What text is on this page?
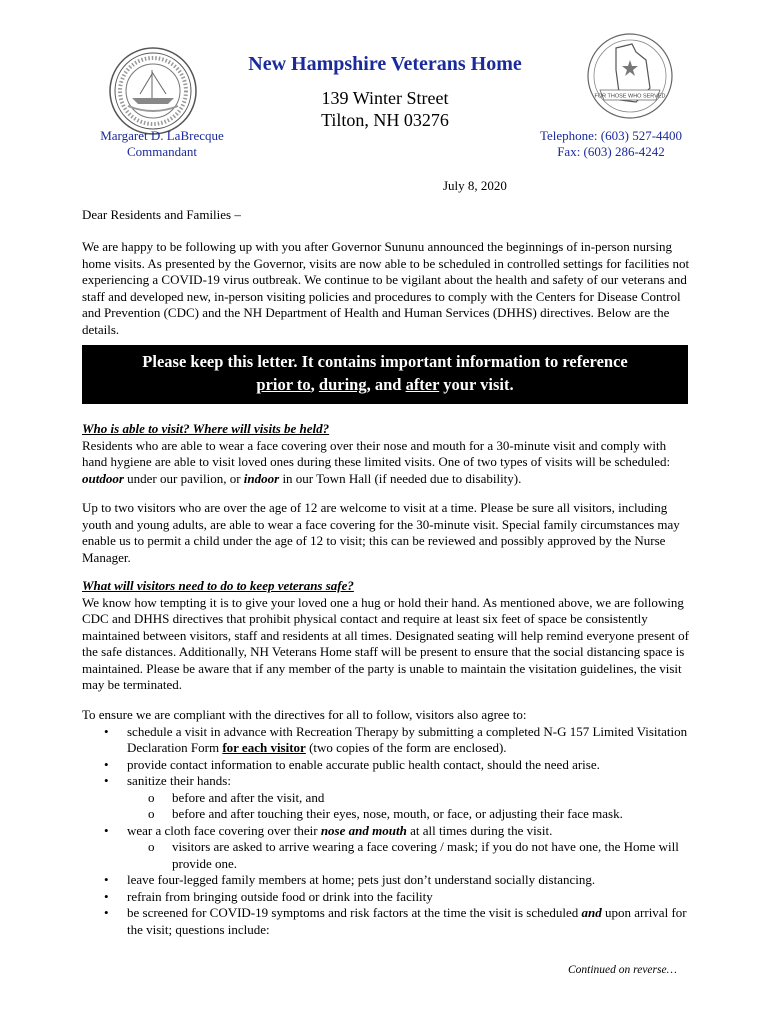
FOR THOSE WHO SERVED
New Hampshire Veterans Home
139 Winter Street
Tilton, NH 03276
Margaret D. LaBrecque
Commandant
Telephone: (603) 527-4400
Fax: (603) 286-4242
July 8, 2020
Dear Residents and Families –
We are happy to be following up with you after Governor Sununu announced the beginnings of in-person nursing home visits. As presented by the Governor, visits are now able to be scheduled in controlled settings for facilities not experiencing a COVID-19 virus outbreak. We continue to be vigilant about the health and safety of our veterans and staff and developed new, in-person visiting policies and procedures to comply with the Centers for Disease Control and Prevention (CDC) and the NH Department of Health and Human Services (DHHS) directives. Below are the details.
Please keep this letter. It contains important information to reference
prior to, during, and after your visit.

Who is able to visit? Where will visits be held?

Residents who are able to wear a face covering over their nose and mouth for a 30-minute visit and comply with hand hygiene are able to visit loved ones during these limited visits. One of two types of visits will be scheduled: outdoor under our pavilion, or indoor in our Town Hall (if needed due to disability).

Up to two visitors who are over the age of 12 are welcome to visit at a time. Please be sure all visitors, including youth and young adults, are able to wear a face covering for the 30-minute visit. Special family circumstances may enable us to permit a child under the age of 12 to visit; this can be reviewed and possibly approved by the Nurse Manager.

What will visitors need to do to keep veterans safe?

We know how tempting it is to give your loved one a hug or hold their hand. As mentioned above, we are following CDC and DHHS directives that prohibit physical contact and require at least six feet of space be consistently maintained between visitors, staff and residents at all times. Designated seating will help remind everyone present of the safe distances. Additionally, NH Veterans Home staff will be present to ensure that the social distancing space is maintained. Please be aware that if any member of the party is unable to maintain the visitation guidelines, the visit may be terminated.

To ensure we are compliant with the directives for all to follow, visitors also agree to:

• schedule a visit in advance with Recreation Therapy by submitting a completed N-G 157 Limited Visitation Declaration Form for each visitor (two copies of the form are enclosed).
• provide contact information to enable accurate public health contact, should the need arise.
• sanitize their hands:
o before and after the visit, and
o before and after touching their eyes, nose, mouth, or face, or adjusting their face mask.
• wear a cloth face covering over their nose and mouth at all times during the visit.
o visitors are asked to arrive wearing a face covering / mask; if you do not have one, the Home will provide one.
• leave four-legged family members at home; pets just don’t understand socially distancing.
• refrain from bringing outside food or drink into the facility
• be screened for COVID-19 symptoms and risk factors at the time the visit is scheduled and upon arrival for the visit; questions include:
Continued on reverse…
